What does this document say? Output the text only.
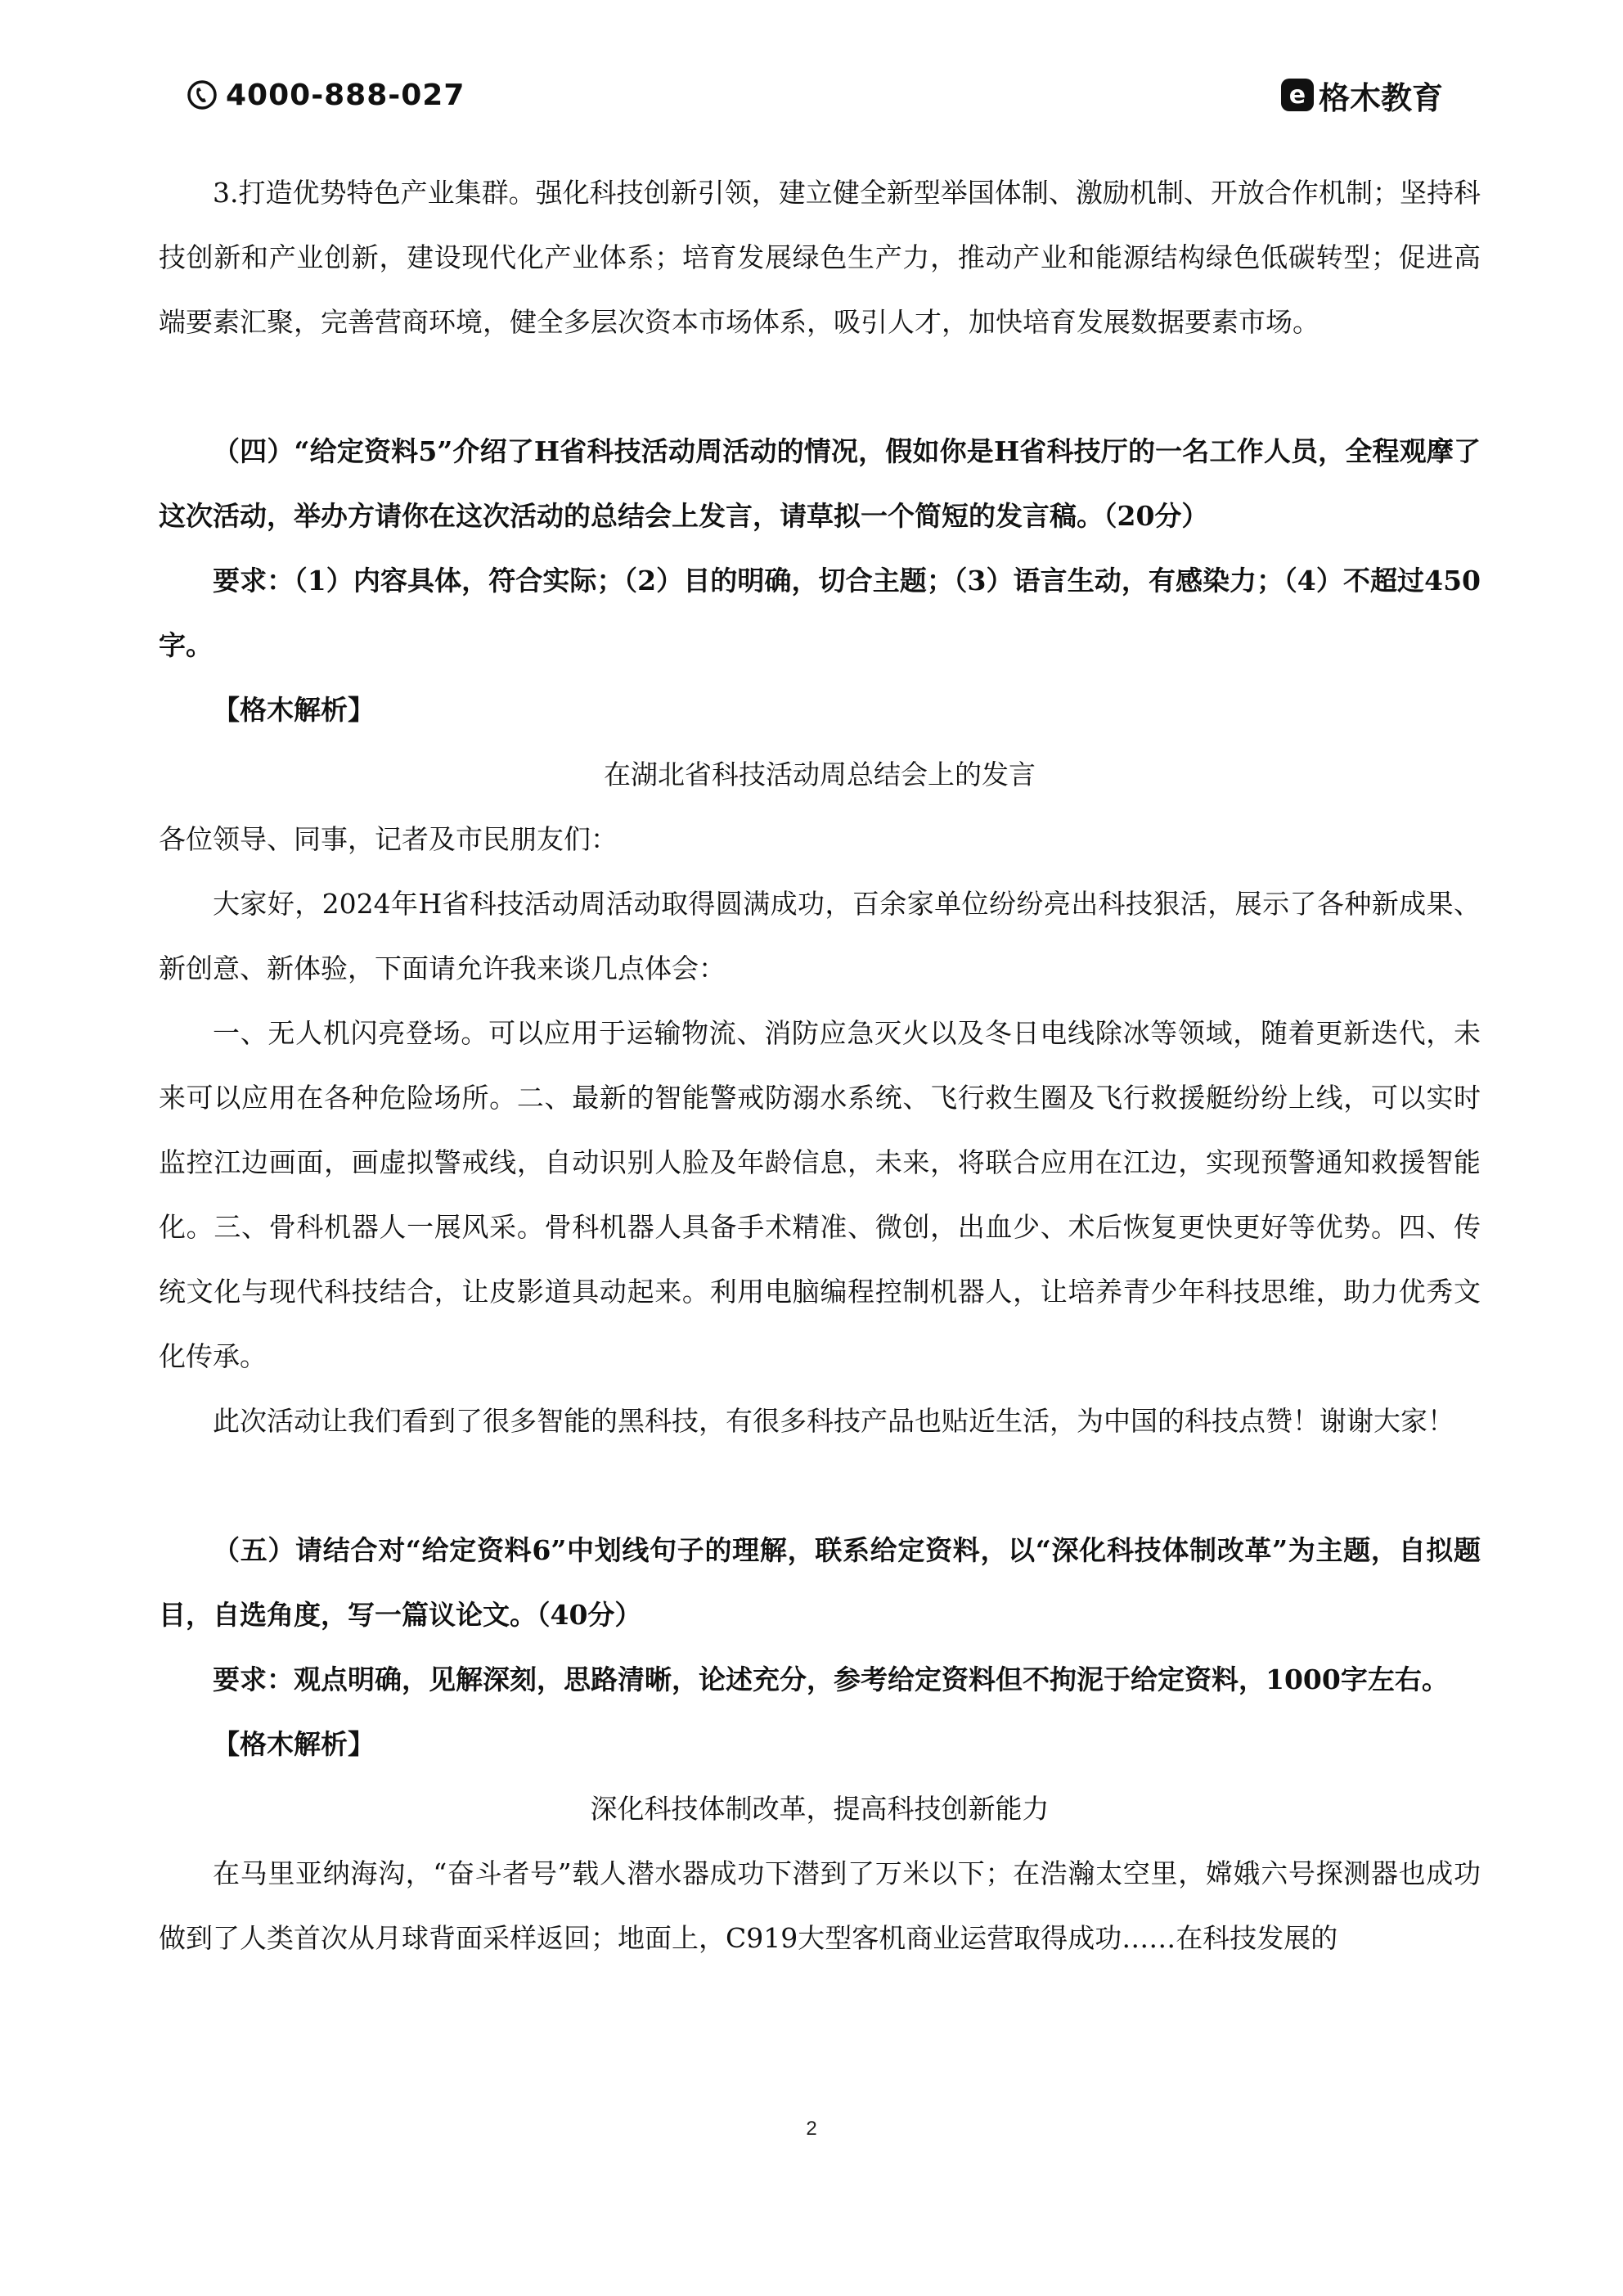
4000-888-027	e 格木教育

3.打造优势特色产业集群。强化科技创新引领，建立健全新型举国体制、激励机制、开放合作机制；坚持科技创新和产业创新，建设现代化产业体系；培育发展绿色生产力，推动产业和能源结构绿色低碳转型；促进高端要素汇聚，完善营商环境，健全多层次资本市场体系，吸引人才，加快培育发展数据要素市场。

（四）“给定资料5”介绍了H省科技活动周活动的情况，假如你是H省科技厅的一名工作人员，全程观摩了这次活动，举办方请你在这次活动的总结会上发言，请草拟一个简短的发言稿。（20分）

要求：（1）内容具体，符合实际；（2）目的明确，切合主题；（3）语言生动，有感染力；（4）不超过450字。

【格木解析】

在湖北省科技活动周总结会上的发言

各位领导、同事，记者及市民朋友们：

大家好，2024年H省科技活动周活动取得圆满成功，百余家单位纷纷亮出科技狠活，展示了各种新成果、新创意、新体验，下面请允许我来谈几点体会：

一、无人机闪亮登场。可以应用于运输物流、消防应急灭火以及冬日电线除冰等领域，随着更新迭代，未来可以应用在各种危险场所。二、最新的智能警戒防溺水系统、飞行救生圈及飞行救援艇纷纷上线，可以实时监控江边画面，画虚拟警戒线，自动识别人脸及年龄信息，未来，将联合应用在江边，实现预警通知救援智能化。三、骨科机器人一展风采。骨科机器人具备手术精准、微创，出血少、术后恢复更快更好等优势。四、传统文化与现代科技结合，让皮影道具动起来。利用电脑编程控制机器人，让培养青少年科技思维，助力优秀文化传承。

此次活动让我们看到了很多智能的黑科技，有很多科技产品也贴近生活，为中国的科技点赞！谢谢大家！

（五）请结合对“给定资料6”中划线句子的理解，联系给定资料，以“深化科技体制改革”为主题，自拟题目，自选角度，写一篇议论文。（40分）

要求：观点明确，见解深刻，思路清晰，论述充分，参考给定资料但不拘泥于给定资料，1000字左右。

【格木解析】

深化科技体制改革，提高科技创新能力

在马里亚纳海沟，“奋斗者号”载人潜水器成功下潜到了万米以下；在浩瀚太空里，嫦娥六号探测器也成功做到了人类首次从月球背面采样返回；地面上，C919大型客机商业运营取得成功……在科技发展的

2
